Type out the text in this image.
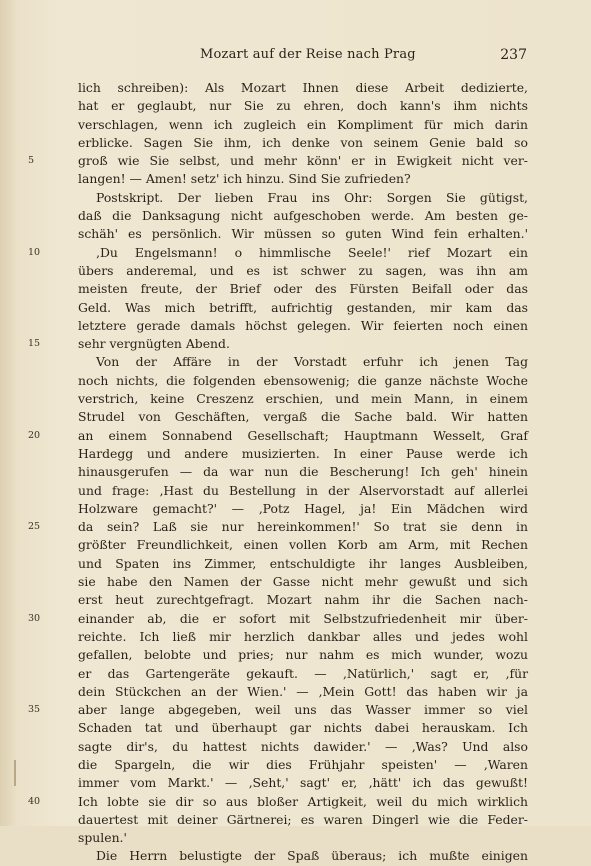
Mozart auf der Reise nach Prag	237
lich schreiben): Als Mozart Ihnen diese Arbeit dedizierte,
hat er geglaubt, nur Sie zu ehren, doch kann's ihm nichts
verschlagen, wenn ich zugleich ein Kompliment für mich darin
erblicke. Sagen Sie ihm, ich denke von seinem Genie bald so
5	groß wie Sie selbst, und mehr könn' er in Ewigkeit nicht ver-
langen! — Amen! setz' ich hinzu. Sind Sie zufrieden?
Postskript. Der lieben Frau ins Ohr: Sorgen Sie gütigst,
daß die Danksagung nicht aufgeschoben werde. Am besten ge-
schäh' es persönlich. Wir müssen so guten Wind fein erhalten.'
10	‚Du Engelsmann! o himmlische Seele!' rief Mozart ein
übers anderemal, und es ist schwer zu sagen, was ihn am
meisten freute, der Brief oder des Fürsten Beifall oder das
Geld. Was mich betrifft, aufrichtig gestanden, mir kam das
letztere gerade damals höchst gelegen. Wir feierten noch einen
15	sehr vergnügten Abend.
Von der Affäre in der Vorstadt erfuhr ich jenen Tag
noch nichts, die folgenden ebensowenig; die ganze nächste Woche
verstrich, keine Creszenz erschien, und mein Mann, in einem
Strudel von Geschäften, vergaß die Sache bald. Wir hatten
20	an einem Sonnabend Gesellschaft; Hauptmann Wesselt, Graf
Hardegg und andere musizierten. In einer Pause werde ich
hinausgerufen — da war nun die Bescherung! Ich geh' hinein
und frage: ‚Hast du Bestellung in der Alservorstadt auf allerlei
Holzware gemacht?' — ‚Potz Hagel, ja! Ein Mädchen wird
25	da sein? Laß sie nur hereinkommen!' So trat sie denn in
größter Freundlichkeit, einen vollen Korb am Arm, mit Rechen
und Spaten ins Zimmer, entschuldigte ihr langes Ausbleiben,
sie habe den Namen der Gasse nicht mehr gewußt und sich
erst heut zurechtgefragt. Mozart nahm ihr die Sachen nach-
30	einander ab, die er sofort mit Selbstzufriedenheit mir über-
reichte. Ich ließ mir herzlich dankbar alles und jedes wohl
gefallen, belobte und pries; nur nahm es mich wunder, wozu
er das Gartengeräte gekauft. — ‚Natürlich,' sagt er, ‚für
dein Stückchen an der Wien.' — ‚Mein Gott! das haben wir ja
35	aber lange abgegeben, weil uns das Wasser immer so viel
Schaden tat und überhaupt gar nichts dabei herauskam. Ich
sagte dir's, du hattest nichts dawider.' — ‚Was? Und also
die Spargeln, die wir dies Frühjahr speisten' — ‚Waren
immer vom Markt.' — ‚Seht,' sagt' er, ‚hätt' ich das gewußt!
40	Ich lobte sie dir so aus bloßer Artigkeit, weil du mich wirklich
dauertest mit deiner Gärtnerei; es waren Dingerl wie die Feder-
spulen.'
Die Herrn belustigte der Spaß überaus; ich mußte einigen
